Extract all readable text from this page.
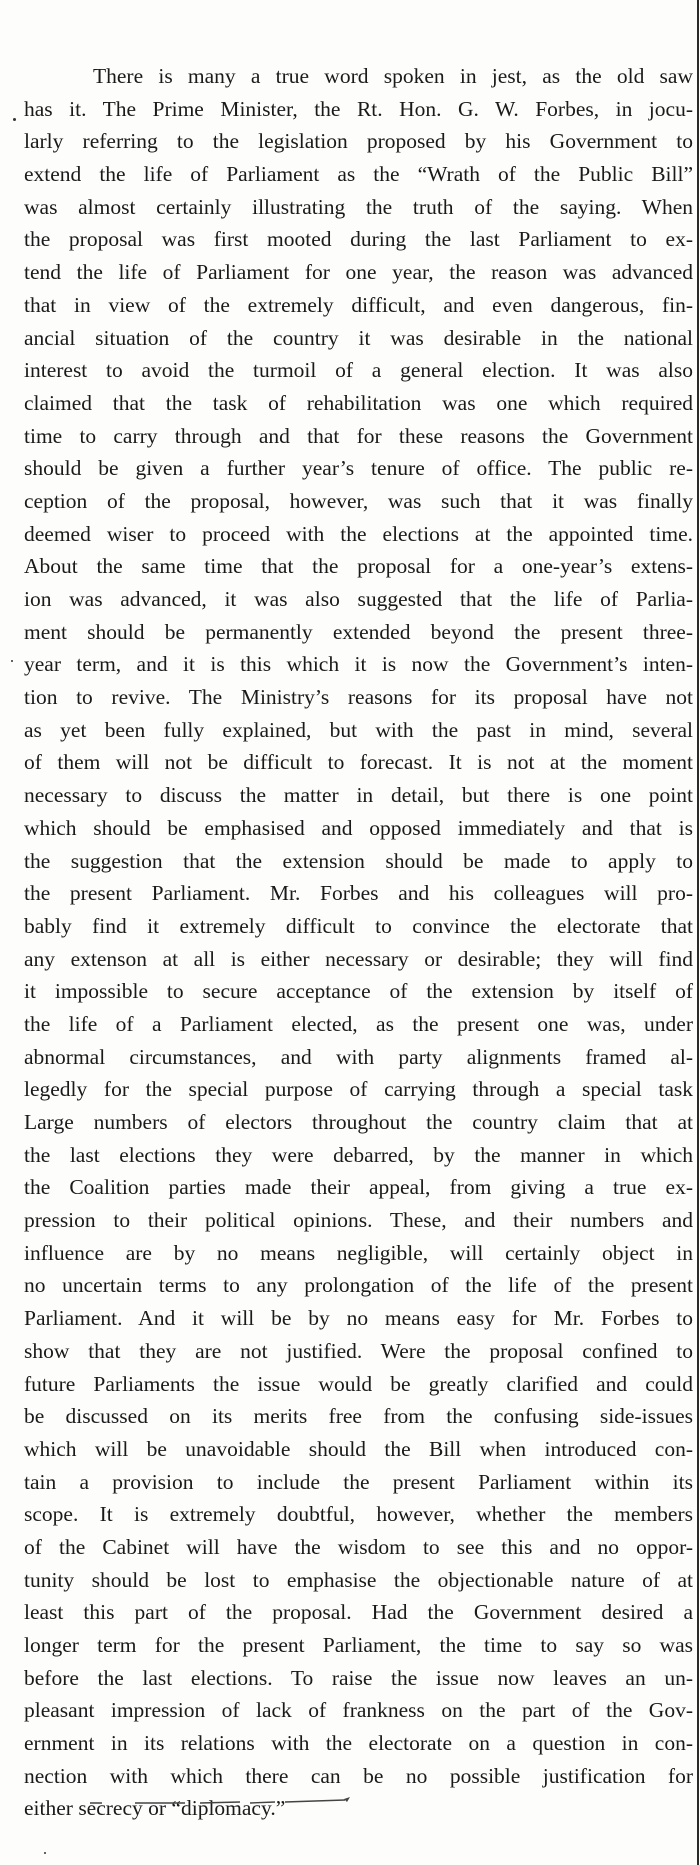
There is many a true word spoken in jest, as the old saw
has it. The Prime Minister, the Rt. Hon. G. W. Forbes, in jocu-
larly referring to the legislation proposed by his Government to
extend the life of Parliament as the “Wrath of the Public Bill”
was almost certainly illustrating the truth of the saying. When
the proposal was first mooted during the last Parliament to ex-
tend the life of Parliament for one year, the reason was advanced
that in view of the extremely difficult, and even dangerous, fin-
ancial situation of the country it was desirable in the national
interest to avoid the turmoil of a general election. It was also
claimed that the task of rehabilitation was one which required
time to carry through and that for these reasons the Government
should be given a further year’s tenure of office. The public re-
ception of the proposal, however, was such that it was finally
deemed wiser to proceed with the elections at the appointed time.
About the same time that the proposal for a one-year’s extens-
ion was advanced, it was also suggested that the life of Parlia-
ment should be permanently extended beyond the present three-
year term, and it is this which it is now the Government’s inten-
tion to revive. The Ministry’s reasons for its proposal have not
as yet been fully explained, but with the past in mind, several
of them will not be difficult to forecast. It is not at the moment
necessary to discuss the matter in detail, but there is one point
which should be emphasised and opposed immediately and that is
the suggestion that the extension should be made to apply to
the present Parliament. Mr. Forbes and his colleagues will pro-
bably find it extremely difficult to convince the electorate that
any extenson at all is either necessary or desirable; they will find
it impossible to secure acceptance of the extension by itself of
the life of a Parliament elected, as the present one was, under
abnormal circumstances, and with party alignments framed al-
legedly for the special purpose of carrying through a special task
Large numbers of electors throughout the country claim that at
the last elections they were debarred, by the manner in which
the Coalition parties made their appeal, from giving a true ex-
pression to their political opinions. These, and their numbers and
influence are by no means negligible, will certainly object in
no uncertain terms to any prolongation of the life of the present
Parliament. And it will be by no means easy for Mr. Forbes to
show that they are not justified. Were the proposal confined to
future Parliaments the issue would be greatly clarified and could
be discussed on its merits free from the confusing side-issues
which will be unavoidable should the Bill when introduced con-
tain a provision to include the present Parliament within its
scope. It is extremely doubtful, however, whether the members
of the Cabinet will have the wisdom to see this and no oppor-
tunity should be lost to emphasise the objectionable nature of at
least this part of the proposal. Had the Government desired a
longer term for the present Parliament, the time to say so was
before the last elections. To raise the issue now leaves an un-
pleasant impression of lack of frankness on the part of the Gov-
ernment in its relations with the electorate on a question in con-
nection with which there can be no possible justification for
either secrecy or “diplomacy.”
